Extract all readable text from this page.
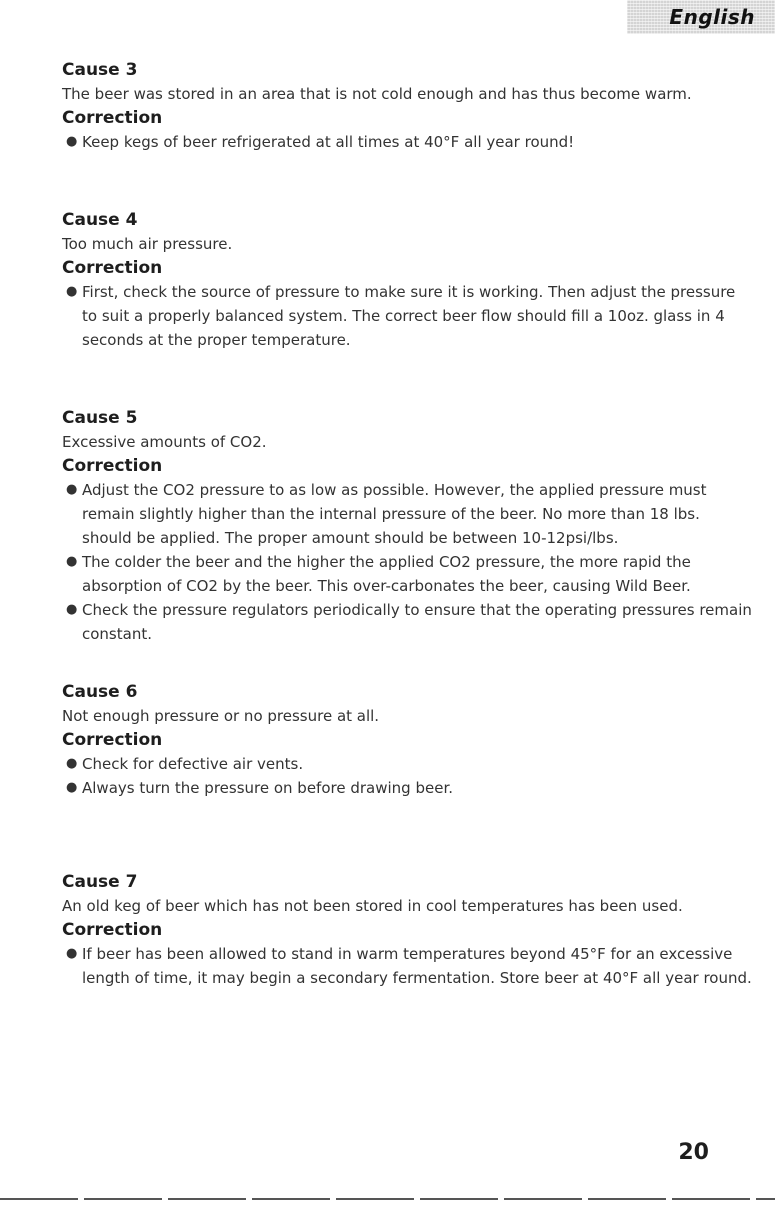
English
Cause 3

The beer was stored in an area that is not cold enough and has thus become warm.

Correction
● Keep kegs of beer refrigerated at all times at 40°F all year round!
Cause 4

Too much air pressure.

Correction
● First, check the source of pressure to make sure it is working. Then adjust the pressure to suit a properly balanced system. The correct beer flow should fill a 10oz. glass in 4 seconds at the proper temperature.
Cause 5

Excessive amounts of CO2.

Correction
● Adjust the CO2 pressure to as low as possible. However, the applied pressure must remain slightly higher than the internal pressure of the beer. No more than 18 lbs. should be applied. The proper amount should be between 10-12psi/lbs.
● The colder the beer and the higher the applied CO2 pressure, the more rapid the absorption of CO2 by the beer. This over-carbonates the beer, causing Wild Beer.
● Check the pressure regulators periodically to ensure that the operating pressures remain constant.
Cause 6

Not enough pressure or no pressure at all.

Correction
● Check for defective air vents.
● Always turn the pressure on before drawing beer.
Cause 7

An old keg of beer which has not been stored in cool temperatures has been used.

Correction
● If beer has been allowed to stand in warm temperatures beyond 45°F for an excessive length of time, it may begin a secondary fermentation. Store beer at 40°F all year round.
20
